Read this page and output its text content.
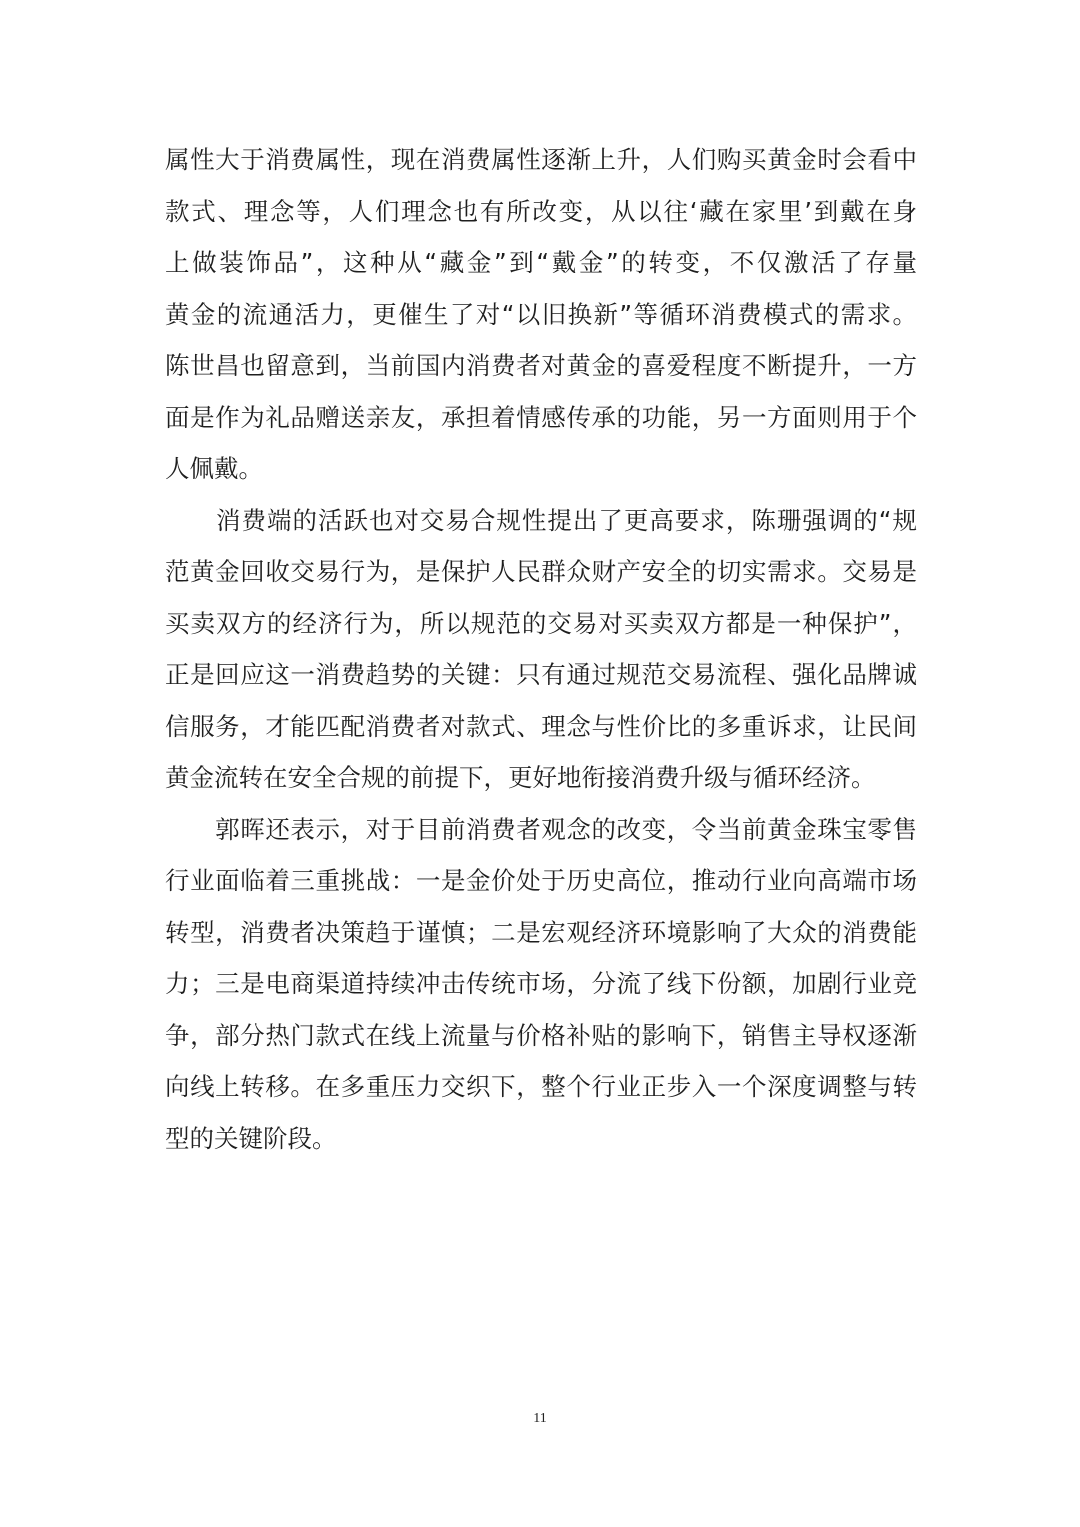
属性大于消费属性，现在消费属性逐渐上升，人们购买黄金时会看中
款式、理念等，人们理念也有所改变，从以往‘藏在家里’到戴在身
上做装饰品”，这种从“藏金”到“戴金”的转变，不仅激活了存量
黄金的流通活力，更催生了对“以旧换新”等循环消费模式的需求。
陈世昌也留意到，当前国内消费者对黄金的喜爱程度不断提升，一方
面是作为礼品赠送亲友，承担着情感传承的功能，另一方面则用于个
人佩戴。
　　消费端的活跃也对交易合规性提出了更高要求，陈珊强调的“规
范黄金回收交易行为，是保护人民群众财产安全的切实需求。交易是
买卖双方的经济行为，所以规范的交易对买卖双方都是一种保护”，
正是回应这一消费趋势的关键：只有通过规范交易流程、强化品牌诚
信服务，才能匹配消费者对款式、理念与性价比的多重诉求，让民间
黄金流转在安全合规的前提下，更好地衔接消费升级与循环经济。
　　郭晖还表示，对于目前消费者观念的改变，令当前黄金珠宝零售
行业面临着三重挑战：一是金价处于历史高位，推动行业向高端市场
转型，消费者决策趋于谨慎；二是宏观经济环境影响了大众的消费能
力；三是电商渠道持续冲击传统市场，分流了线下份额，加剧行业竞
争，部分热门款式在线上流量与价格补贴的影响下，销售主导权逐渐
向线上转移。在多重压力交织下，整个行业正步入一个深度调整与转
型的关键阶段。
11
